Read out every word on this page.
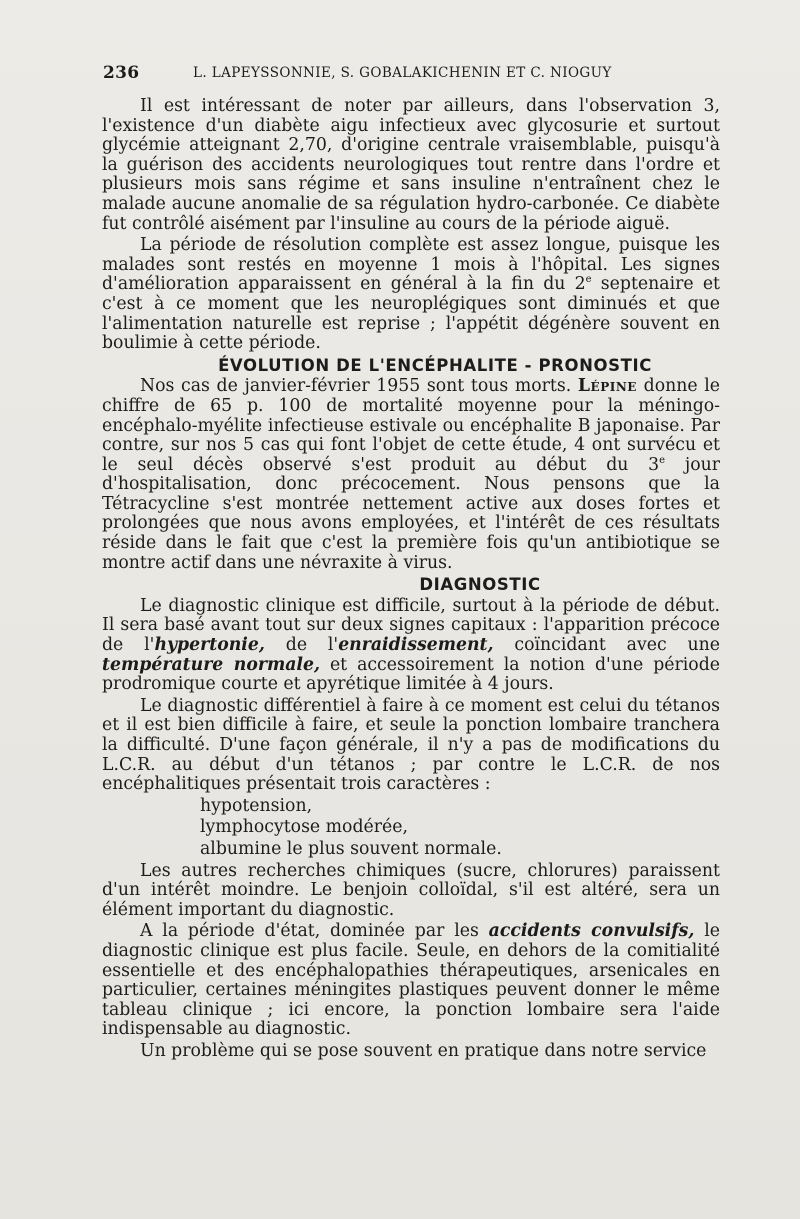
236	L. LAPEYSSONNIE, S. GOBALAKICHENIN ET C. NIOGUY

Il est intéressant de noter par ailleurs, dans l'observation 3, l'existence d'un diabète aigu infectieux avec glycosurie et surtout glycémie atteignant 2,70, d'origine centrale vraisemblable, puisqu'à la guérison des accidents neurologiques tout rentre dans l'ordre et plusieurs mois sans régime et sans insuline n'entraînent chez le malade aucune anomalie de sa régulation hydro-carbonée. Ce diabète fut contrôlé aisément par l'insuline au cours de la période aiguë.

La période de résolution complète est assez longue, puisque les malades sont restés en moyenne 1 mois à l'hôpital. Les signes d'amélioration apparaissent en général à la fin du 2e septenaire et c'est à ce moment que les neuroplégiques sont diminués et que l'alimentation naturelle est reprise ; l'appétit dégénère souvent en boulimie à cette période.

ÉVOLUTION DE L'ENCÉPHALITE - PRONOSTIC

Nos cas de janvier-février 1955 sont tous morts. Lépine donne le chiffre de 65 p. 100 de mortalité moyenne pour la méningo-encéphalo-myélite infectieuse estivale ou encéphalite B japonaise. Par contre, sur nos 5 cas qui font l'objet de cette étude, 4 ont survécu et le seul décès observé s'est produit au début du 3e jour d'hospitalisation, donc précocement. Nous pensons que la Tétracycline s'est montrée nettement active aux doses fortes et prolongées que nous avons employées, et l'intérêt de ces résultats réside dans le fait que c'est la première fois qu'un antibiotique se montre actif dans une névraxite à virus.

DIAGNOSTIC

Le diagnostic clinique est difficile, surtout à la période de début. Il sera basé avant tout sur deux signes capitaux : l'apparition précoce de l'hypertonie, de l'enraidissement, coïncidant avec une température normale, et accessoirement la notion d'une période prodromique courte et apyrétique limitée à 4 jours.

Le diagnostic différentiel à faire à ce moment est celui du tétanos et il est bien difficile à faire, et seule la ponction lombaire tranchera la difficulté. D'une façon générale, il n'y a pas de modifications du L.C.R. au début d'un tétanos ; par contre le L.C.R. de nos encéphalitiques présentait trois caractères :

hypotension,

lymphocytose modérée,

albumine le plus souvent normale.

Les autres recherches chimiques (sucre, chlorures) paraissent d'un intérêt moindre. Le benjoin colloïdal, s'il est altéré, sera un élément important du diagnostic.

A la période d'état, dominée par les accidents convulsifs, le diagnostic clinique est plus facile. Seule, en dehors de la comitialité essentielle et des encéphalopathies thérapeutiques, arsenicales en particulier, certaines méningites plastiques peuvent donner le même tableau clinique ; ici encore, la ponction lombaire sera l'aide indispensable au diagnostic.

Un problème qui se pose souvent en pratique dans notre service
